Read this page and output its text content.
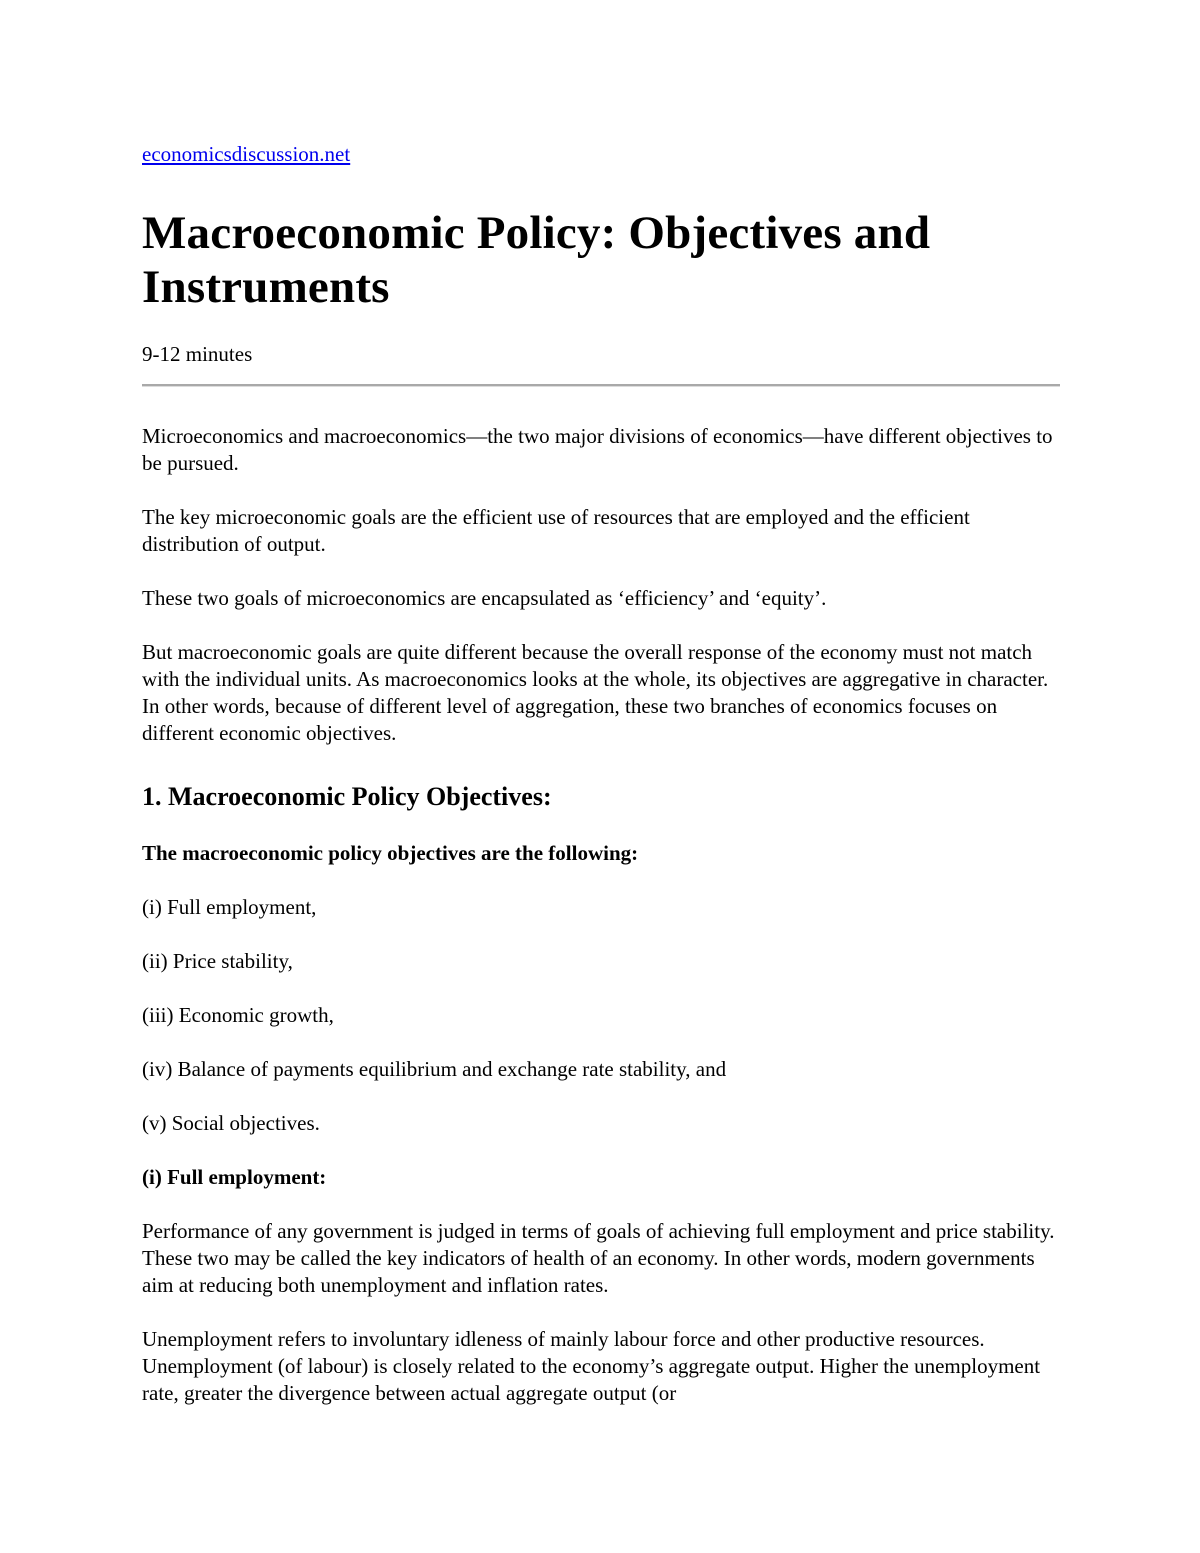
economicsdiscussion.net
Macroeconomic Policy: Objectives and Instruments

9-12 minutes

Microeconomics and macroeconomics—the two major divisions of economics—have different objectives to be pursued.

The key microeconomic goals are the efficient use of resources that are employed and the efficient distribution of output.

These two goals of microeconomics are encapsulated as ‘efficiency’ and ‘equity’.

But macroeconomic goals are quite different because the overall response of the economy must not match with the individual units. As macroeconomics looks at the whole, its objectives are aggregative in character. In other words, because of different level of aggregation, these two branches of economics focuses on different economic objectives.

1. Macroeconomic Policy Objectives:

The macroeconomic policy objectives are the following:

(i) Full employment,

(ii) Price stability,

(iii) Economic growth,

(iv) Balance of payments equilibrium and exchange rate stability, and

(v) Social objectives.

(i) Full employment:

Performance of any government is judged in terms of goals of achieving full employment and price stability. These two may be called the key indicators of health of an economy. In other words, modern governments aim at reducing both unemployment and inflation rates.

Unemployment refers to involuntary idleness of mainly labour force and other productive resources. Unemployment (of labour) is closely related to the economy’s aggregate output. Higher the unemployment rate, greater the divergence between actual aggregate output (or
